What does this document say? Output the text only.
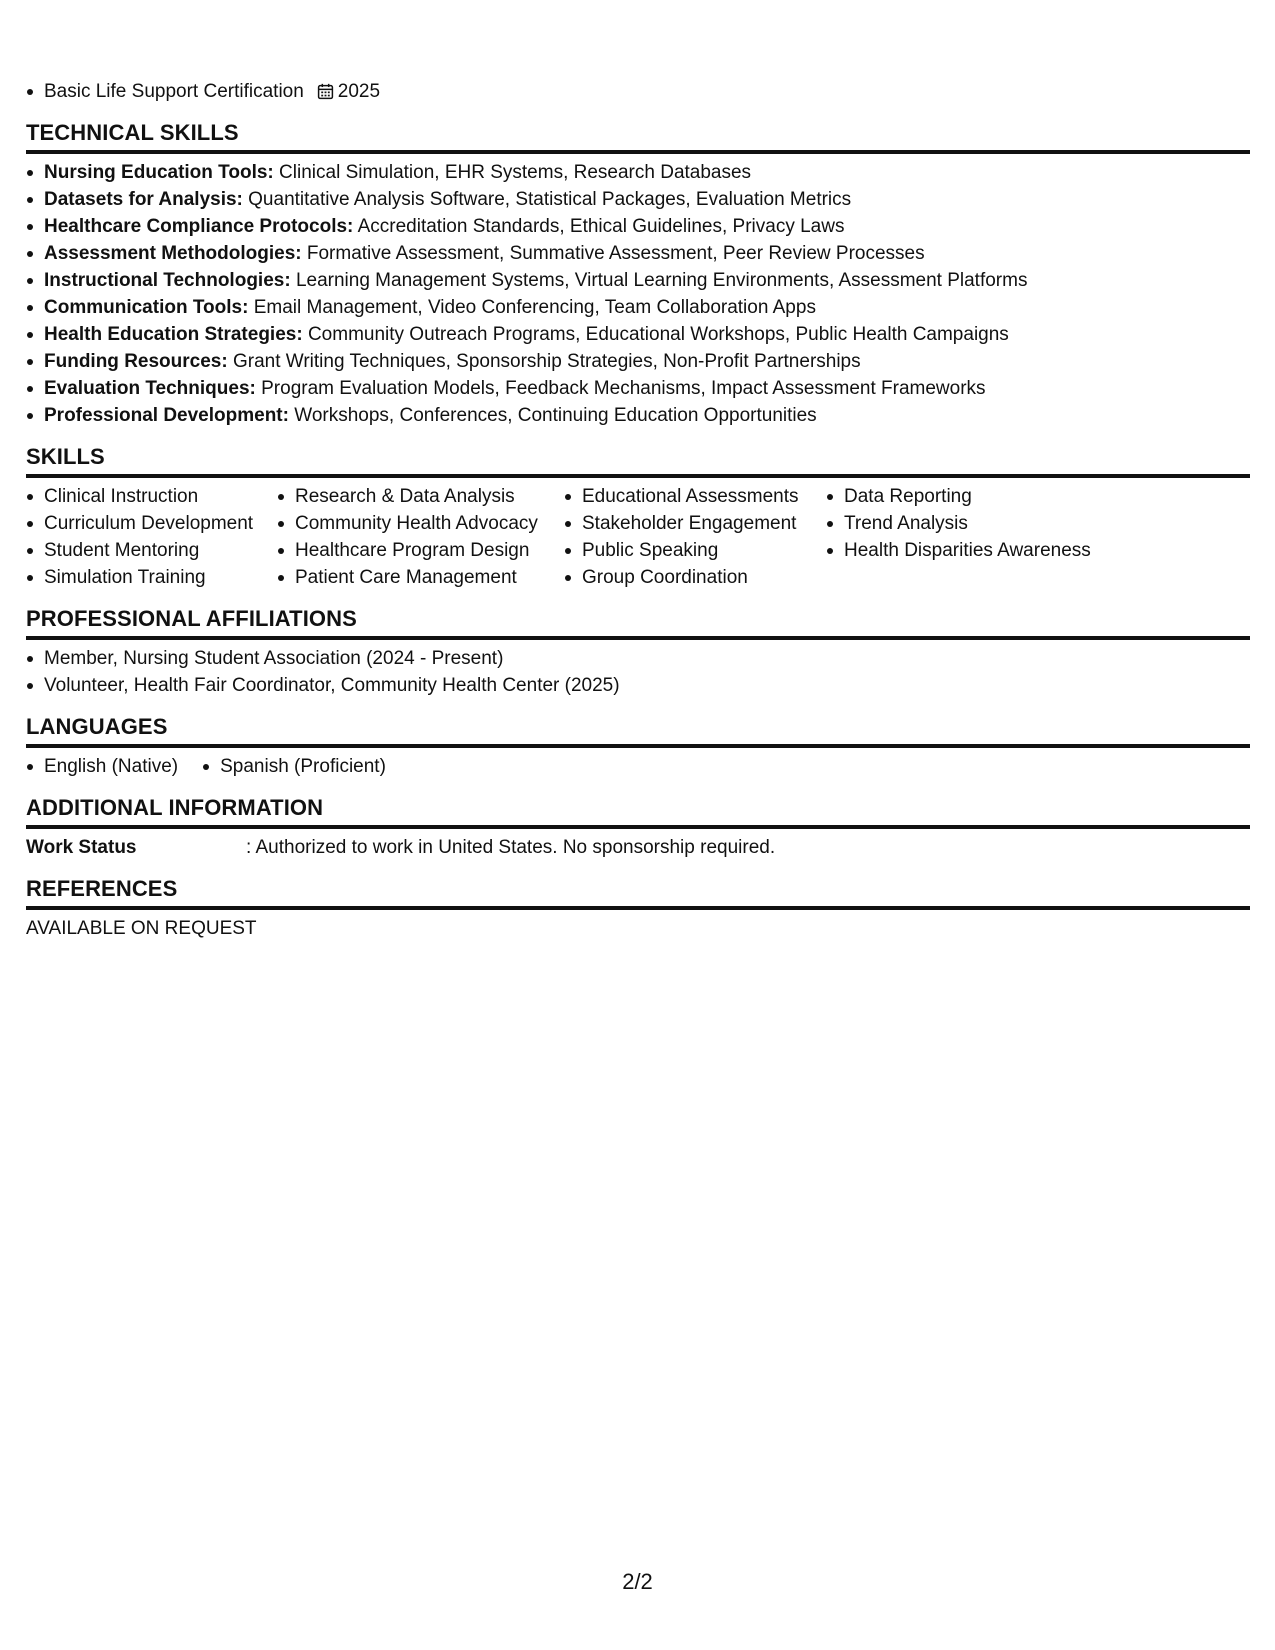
Basic Life Support Certification 2025
TECHNICAL SKILLS
Nursing Education Tools: Clinical Simulation, EHR Systems, Research Databases
Datasets for Analysis: Quantitative Analysis Software, Statistical Packages, Evaluation Metrics
Healthcare Compliance Protocols: Accreditation Standards, Ethical Guidelines, Privacy Laws
Assessment Methodologies: Formative Assessment, Summative Assessment, Peer Review Processes
Instructional Technologies: Learning Management Systems, Virtual Learning Environments, Assessment Platforms
Communication Tools: Email Management, Video Conferencing, Team Collaboration Apps
Health Education Strategies: Community Outreach Programs, Educational Workshops, Public Health Campaigns
Funding Resources: Grant Writing Techniques, Sponsorship Strategies, Non-Profit Partnerships
Evaluation Techniques: Program Evaluation Models, Feedback Mechanisms, Impact Assessment Frameworks
Professional Development: Workshops, Conferences, Continuing Education Opportunities
SKILLS
Clinical Instruction
Curriculum Development
Student Mentoring
Simulation Training
Research & Data Analysis
Community Health Advocacy
Healthcare Program Design
Patient Care Management
Educational Assessments
Stakeholder Engagement
Public Speaking
Group Coordination
Data Reporting
Trend Analysis
Health Disparities Awareness
PROFESSIONAL AFFILIATIONS
Member, Nursing Student Association (2024 - Present)
Volunteer, Health Fair Coordinator, Community Health Center (2025)
LANGUAGES
English (Native)	Spanish (Proficient)
ADDITIONAL INFORMATION
Work Status	: Authorized to work in United States. No sponsorship required.
REFERENCES
AVAILABLE ON REQUEST
2/2
